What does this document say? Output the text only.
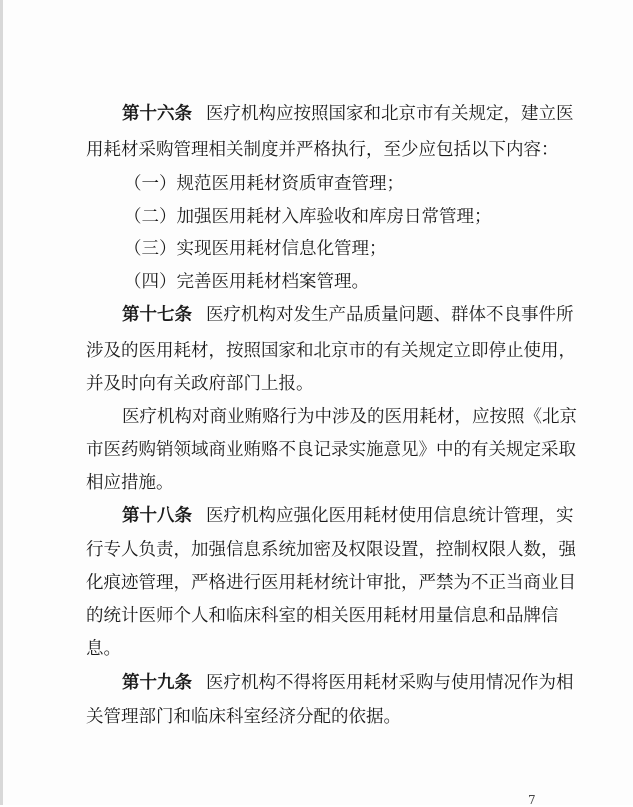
第十六条 医疗机构应按照国家和北京市有关规定，建立医
用耗材采购管理相关制度并严格执行，至少应包括以下内容：
（一）规范医用耗材资质审查管理；
（二）加强医用耗材入库验收和库房日常管理；
（三）实现医用耗材信息化管理；
（四）完善医用耗材档案管理。
第十七条 医疗机构对发生产品质量问题、群体不良事件所
涉及的医用耗材，按照国家和北京市的有关规定立即停止使用，
并及时向有关政府部门上报。
医疗机构对商业贿赂行为中涉及的医用耗材，应按照《北京
市医药购销领域商业贿赂不良记录实施意见》中的有关规定采取
相应措施。
第十八条 医疗机构应强化医用耗材使用信息统计管理，实
行专人负责，加强信息系统加密及权限设置，控制权限人数，强
化痕迹管理，严格进行医用耗材统计审批，严禁为不正当商业目
的统计医师个人和临床科室的相关医用耗材用量信息和品牌信
息。
第十九条 医疗机构不得将医用耗材采购与使用情况作为相
关管理部门和临床科室经济分配的依据。
7
